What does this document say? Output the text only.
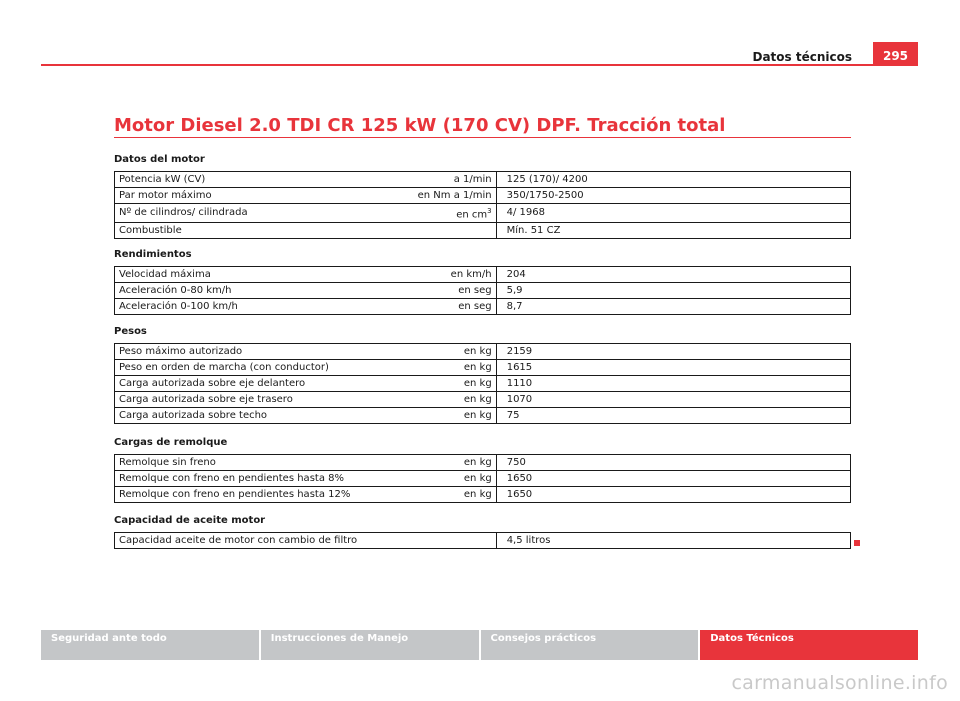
Datos técnicos	295
Motor Diesel 2.0 TDI CR 125 kW (170 CV) DPF. Tracción total
Datos del motor
Potencia kW (CV)	a 1/min	125 (170)/ 4200
Par motor máximo	en Nm a 1/min	350/1750-2500
Nº de cilindros/ cilindrada	en $cm^3$	4/ 1968
Combustible		Mín. 51 CZ
Rendimientos
Velocidad máxima	en km/h	204
Aceleración 0-80 km/h	en seg	5,9
Aceleración 0-100 km/h	en seg	8,7
Pesos
Peso máximo autorizado	en kg	2159
Peso en orden de marcha (con conductor)	en kg	1615
Carga autorizada sobre eje delantero	en kg	1110
Carga autorizada sobre eje trasero	en kg	1070
Carga autorizada sobre techo	en kg	75
Cargas de remolque
Remolque sin freno	en kg	750
Remolque con freno en pendientes hasta 8%	en kg	1650
Remolque con freno en pendientes hasta 12%	en kg	1650
Capacidad de aceite motor
Capacidad aceite de motor con cambio de filtro		4,5 litros
Seguridad ante todo	Instrucciones de Manejo	Consejos prácticos	Datos Técnicos
carmanualsonline.info
